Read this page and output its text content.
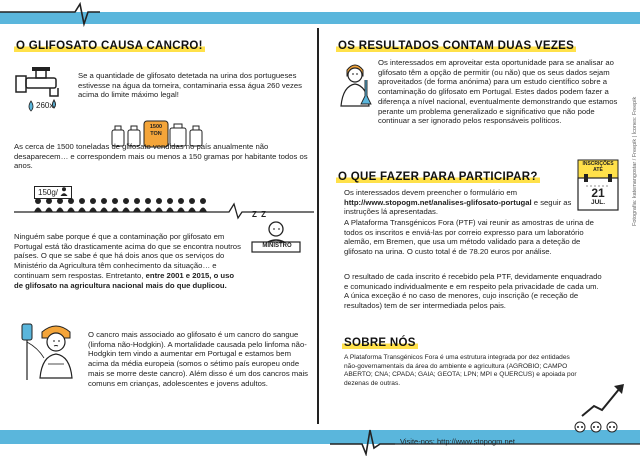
O GLIFOSATO CAUSA CANCRO!
260x
Se a quantidade de glifosato detetada na urina dos portugueses estivesse na água da torneira, contaminaria essa água 260 vezes acima do limite máximo legal!
1500
TON
As cerca de 1500 toneladas de glifosato vendidas no país anualmente não desaparecem… e correspondem mais ou menos a 150 gramas por habitante todos os anos.
150g/
Z Z
MINISTRO
Ninguém sabe porque é que a contaminação por glifosato em Portugal está tão drasticamente acima do que se encontra noutros países. O que se sabe é que há dois anos que os serviços do Ministério da Agricultura têm conhecimento da situação… e continuam sem respostas. Entretanto, entre 2001 e 2015, o uso de glifosato na agricultura nacional mais do que duplicou.
O cancro mais associado ao glifosato é um cancro do sangue (linfoma não-Hodgkin). A mortalidade causada pelo linfoma não-Hodgkin tem vindo a aumentar em Portugal e estamos bem acima da média europeia (somos o sétimo país europeu onde mais se morre deste cancro). Além disso é um dos cancros mais comuns em crianças, adolescentes e jovens adultos.
OS RESULTADOS CONTAM DUAS VEZES
Os interessados em aproveitar esta oportunidade para se analisar ao glifosato têm a opção de permitir (ou não) que os seus dados sejam aproveitados (de forma anónima) para um estudo científico sobre a contaminação do glifosato em Portugal. Estes dados podem fazer a diferença a nível nacional, eventualmente demonstrando que estamos perante um problema generalizado e significativo que não pode continuar a ser ignorado pelos responsáveis políticos.
O QUE FAZER PARA PARTICIPAR?
INSCRIÇÕES
ATÉ
21
JUL.
Os interessados devem preencher o formulário em http://www.stopogm.net/analises-glifosato-portugal e seguir as instruções lá apresentadas.
A Plataforma Transgénicos Fora (PTF) vai reunir as amostras de urina de todos os inscritos e enviá-las por correio expresso para um laboratório alemão, em Bremen, que usa um método validado para a deteção de glifosato na urina. O custo total é de 78.20 euros por análise.
O resultado de cada inscrito é recebido pela PTF, devidamente enquadrado e comunicado individualmente e em respeito pela privacidade de cada um. A única exceção é no caso de menores, cujo inscrição (e receção de resultados) tem de ser intermediada pelos pais.
SOBRE NÓS
A Plataforma Transgénicos Fora é uma estrutura integrada por dez entidades não-governamentais da área do ambiente e agricultura (AGROBIO; CAMPO ABERTO; CNA; CPADA; GAIA; GEOTA; LPN; MPI e QUERCUS) e apoiada por dezenas de outras.
Fotografia: katemangostar / Freepik | Ícones: Freepik
Visite-nos: http://www.stopogm.net
